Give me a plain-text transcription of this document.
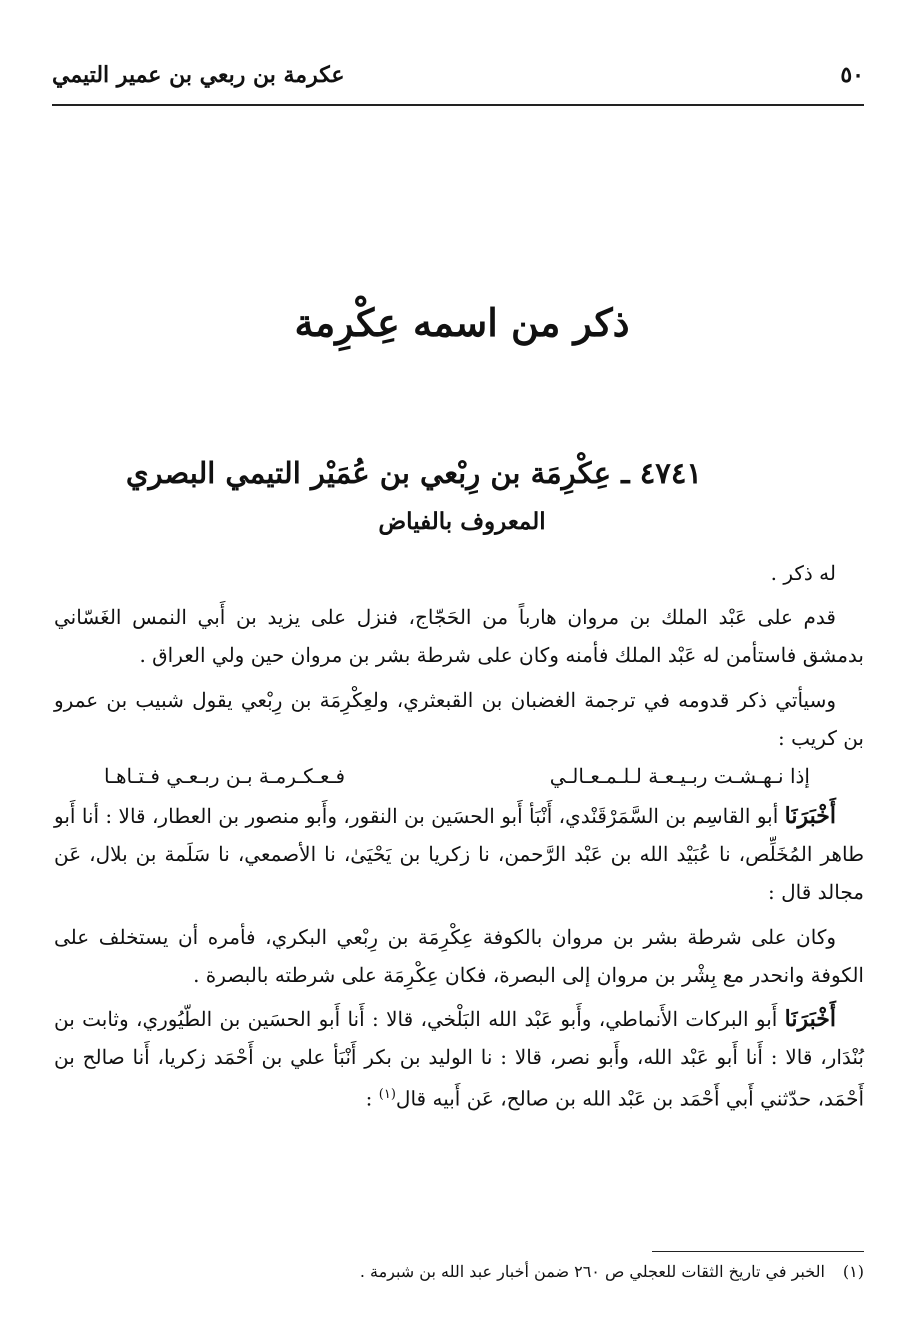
عكرمة بن ربعي بن عمير التيمي	٥٠
ذكر من اسمه عِكْرِمة
٤٧٤١ ـ عِكْرِمَة بن رِبْعي بن عُمَيْر التيمي البصري
المعروف بالفياض

له ذكر .

قدم على عَبْد الملك بن مروان هارباً من الحَجّاج، فنزل على يزيد بن أَبي النمس الغَسّاني بدمشق فاستأمن له عَبْد الملك فأمنه وكان على شرطة بشر بن مروان حين ولي العراق .

وسيأتي ذكر قدومه في ترجمة الغضبان بن القبعثري، ولعِكْرِمَة بن رِبْعي يقول شبيب بن عمرو بن كريب :

إذا نـهـشـت ربـيـعـة لـلـمـعـالـي
فـعـكـرمـة بـن ربـعـي فـتـاهـا

أَخْبَرَنَا أبو القاسِم بن السَّمَرْقَنْدي، أَنْبَأ أَبو الحسَين بن النقور، وأَبو منصور بن العطار، قالا : أنا أَبو طاهر المُخَلِّص، نا عُبَيْد الله بن عَبْد الرَّحمن، نا زكريا بن يَحْيَىٰ، نا الأصمعي، نا سَلَمة بن بلال، عَن مجالد قال :

وكان على شرطة بشر بن مروان بالكوفة عِكْرِمَة بن رِبْعي البكري، فأمره أن يستخلف على الكوفة وانحدر مع بِشْر بن مروان إلى البصرة، فكان عِكْرِمَة على شرطته بالبصرة .

أَخْبَرَنَا أَبو البركات الأَنماطي، وأَبو عَبْد الله البَلْخي، قالا : أَنا أَبو الحسَين بن الطّيُوري، وثابت بن بُنْدَار، قالا : أَنا أَبو عَبْد الله، وأَبو نصر، قالا : نا الوليد بن بكر أَنْبَأ علي بن أَحْمَد زكريا، أَنا صالح بن أَحْمَد، حدّثني أَبي أَحْمَد بن عَبْد الله بن صالح، عَن أَبيه قال$^{(١)}$ :

(١)الخبر في تاريخ الثقات للعجلي ص ٢٦٠ ضمن أخبار عبد الله بن شبرمة .
